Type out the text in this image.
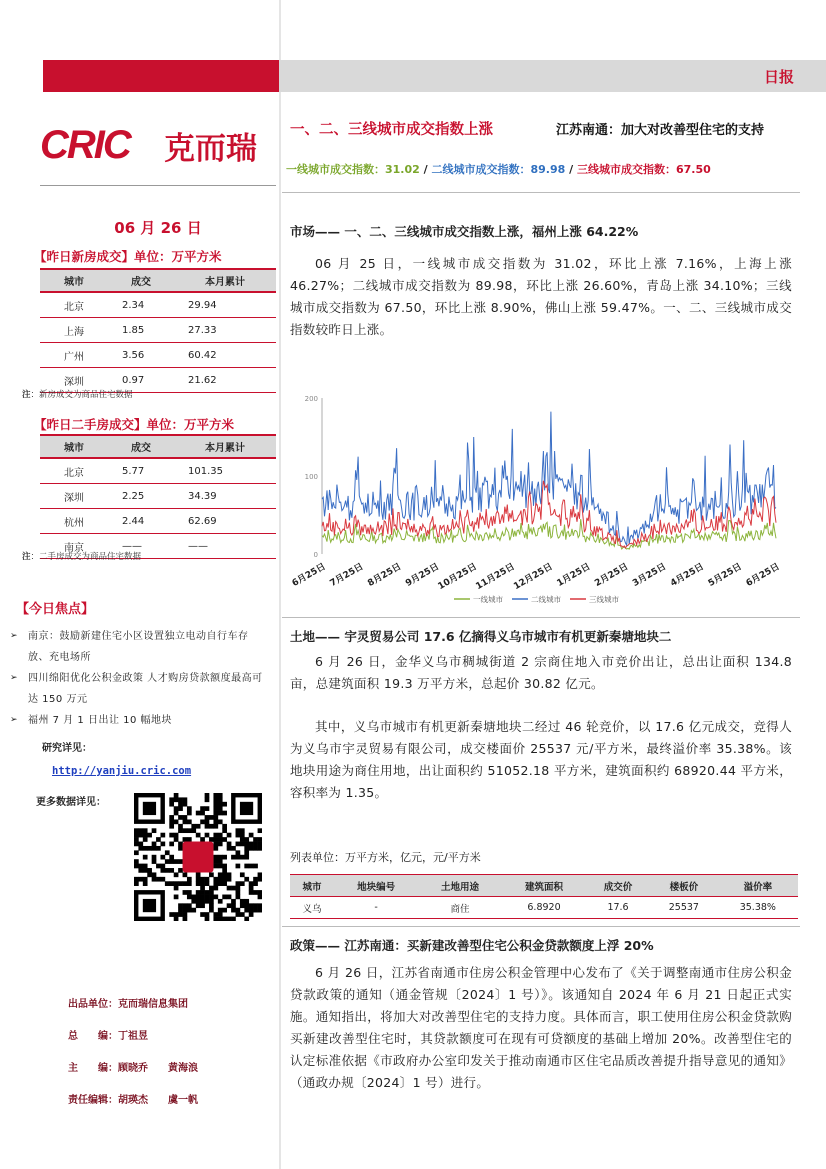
日报
CRIC 克而瑞
06 月 26 日
【昨日新房成交】单位：万平方米
城市	成交	本月累计
北京	2.34	29.94
上海	1.85	27.33
广州	3.56	60.42
深圳	0.97	21.62
注：新房成交为商品住宅数据
【昨日二手房成交】单位：万平方米
城市	成交	本月累计
北京	5.77	101.35
深圳	2.25	34.39
杭州	2.44	62.69
南京	——	——
注：二手房成交为商品住宅数据
【今日焦点】
➢ 南京：鼓励新建住宅小区设置独立电动自行车存放、充电场所
➢ 四川绵阳优化公积金政策 人才购房贷款额度最高可达 150 万元
➢ 福州 7 月 1 日出让 10 幅地块
研究详见：
http://yanjiu.cric.com
更多数据详见：
出品单位：克而瑞信息集团
总　　编：丁祖昱
主　　编：顾晓乔　　黄海浪
责任编辑：胡瑛杰　　虞一帆
一、二、三线城市成交指数上涨	江苏南通：加大对改善型住宅的支持
一线城市成交指数：31.02 / 二线城市成交指数：89.98 / 三线城市成交指数：67.50
市场—— 一、二、三线城市成交指数上涨，福州上涨 64.22%
06 月 25 日，一线城市成交指数为 31.02，环比上涨 7.16%，上海上涨 46.27%；二线城市成交指数为 89.98，环比上涨 26.60%，青岛上涨 34.10%；三线城市成交指数为 67.50，环比上涨 8.90%，佛山上涨 59.47%。一、二、三线城市成交指数较昨日上涨。
0
100
200
6月25日 7月25日 8月25日 9月25日
10月25日
11月25日
12月25日 1月25日 2月25日 3月25日 4月25日 5月25日 6月25日
一线城市	二线城市	三线城市
土地—— 宇灵贸易公司 17.6 亿摘得义乌市城市有机更新秦塘地块二
6 月 26 日，金华义乌市稠城街道 2 宗商住地入市竞价出让，总出让面积 134.8 亩，总建筑面积 19.3 万平方米，总起价 30.82 亿元。
其中，义乌市城市有机更新秦塘地块二经过 46 轮竞价，以 17.6 亿元成交，竞得人为义乌市宇灵贸易有限公司，成交楼面价 25537 元/平方米，最终溢价率 35.38%。该地块用途为商住用地，出让面积约 51052.18 平方米，建筑面积约 68920.44 平方米，容积率为 1.35。
列表单位：万平方米，亿元，元/平方米
城市	地块编号	土地用途	建筑面积	成交价	楼板价	溢价率
义乌	-	商住	6.8920	17.6	25537	35.38%
政策—— 江苏南通：买新建改善型住宅公积金贷款额度上浮 20%
6 月 26 日，江苏省南通市住房公积金管理中心发布了《关于调整南通市住房公积金贷款政策的通知（通金管规〔2024〕1 号）》。该通知自 2024 年 6 月 21 日起正式实施。通知指出，将加大对改善型住宅的支持力度。具体而言，职工使用住房公积金贷款购买新建改善型住宅时，其贷款额度可在现有可贷额度的基础上增加 20%。改善型住宅的认定标准依据《市政府办公室印发关于推动南通市区住宅品质改善提升指导意见的通知》（通政办规〔2024〕1 号）进行。
